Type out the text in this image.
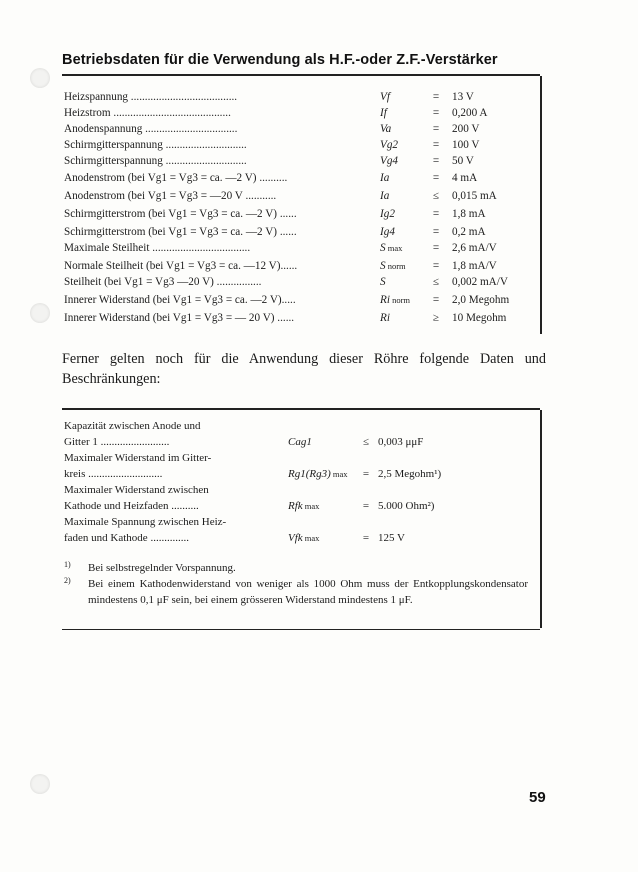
Betriebsdaten für die Verwendung als H.F.-oder Z.F.-Verstärker
Heizspannung ......................................	Vf	=	13 V
Heizstrom ..........................................	If	=	0,200 A
Anodenspannung .................................	Va	=	200 V
Schirmgitterspannung .............................	Vg2	=	100 V
Schirmgitterspannung .............................	Vg4	=	50 V
Anodenstrom (bei Vg1 = Vg3 = ca. —2 V) ..........	Ia	=	4 mA
Anodenstrom (bei Vg1 = Vg3 = —20 V ...........	Ia	≤	0,015 mA
Schirmgitterstrom (bei Vg1 = Vg3 = ca. —2 V) ......	Ig2	=	1,8 mA
Schirmgitterstrom (bei Vg1 = Vg3 = ca. —2 V) ......	Ig4	=	0,2 mA
Maximale Steilheit ...................................	S max	=	2,6 mA/V
Normale Steilheit (bei Vg1 = Vg3 = ca. —12 V)......	S norm	=	1,8 mA/V
Steilheit (bei Vg1 = Vg3 —20 V) ................	S	≤	0,002 mA/V
Innerer Widerstand (bei Vg1 = Vg3 = ca. —2 V).....	Ri norm	=	2,0 Megohm
Innerer Widerstand (bei Vg1 = Vg3 = — 20 V) ......	Ri	≥	10 Megohm
Ferner gelten noch für die Anwendung dieser Röhre folgende Daten und Beschränkungen:
Kapazität zwischen Anode und
Gitter 1 .........................	Cag1	≤ 0,003 μμF
Maximaler Widerstand im Gitter-
kreis ...........................	Rg1(Rg3) max	= 2,5 Megohm¹)
Maximaler Widerstand zwischen
Kathode und Heizfaden ..........	Rfk max	= 5.000 Ohm²)
Maximale Spannung zwischen Heiz-
faden und Kathode ..............	Vfk max	= 125 V
1) Bei selbstregelnder Vorspannung.
2) Bei einem Kathodenwiderstand von weniger als 1000 Ohm muss der Entkopplungskondensator mindestens 0,1 μF sein, bei einem grösseren Widerstand mindestens 1 μF.
59
